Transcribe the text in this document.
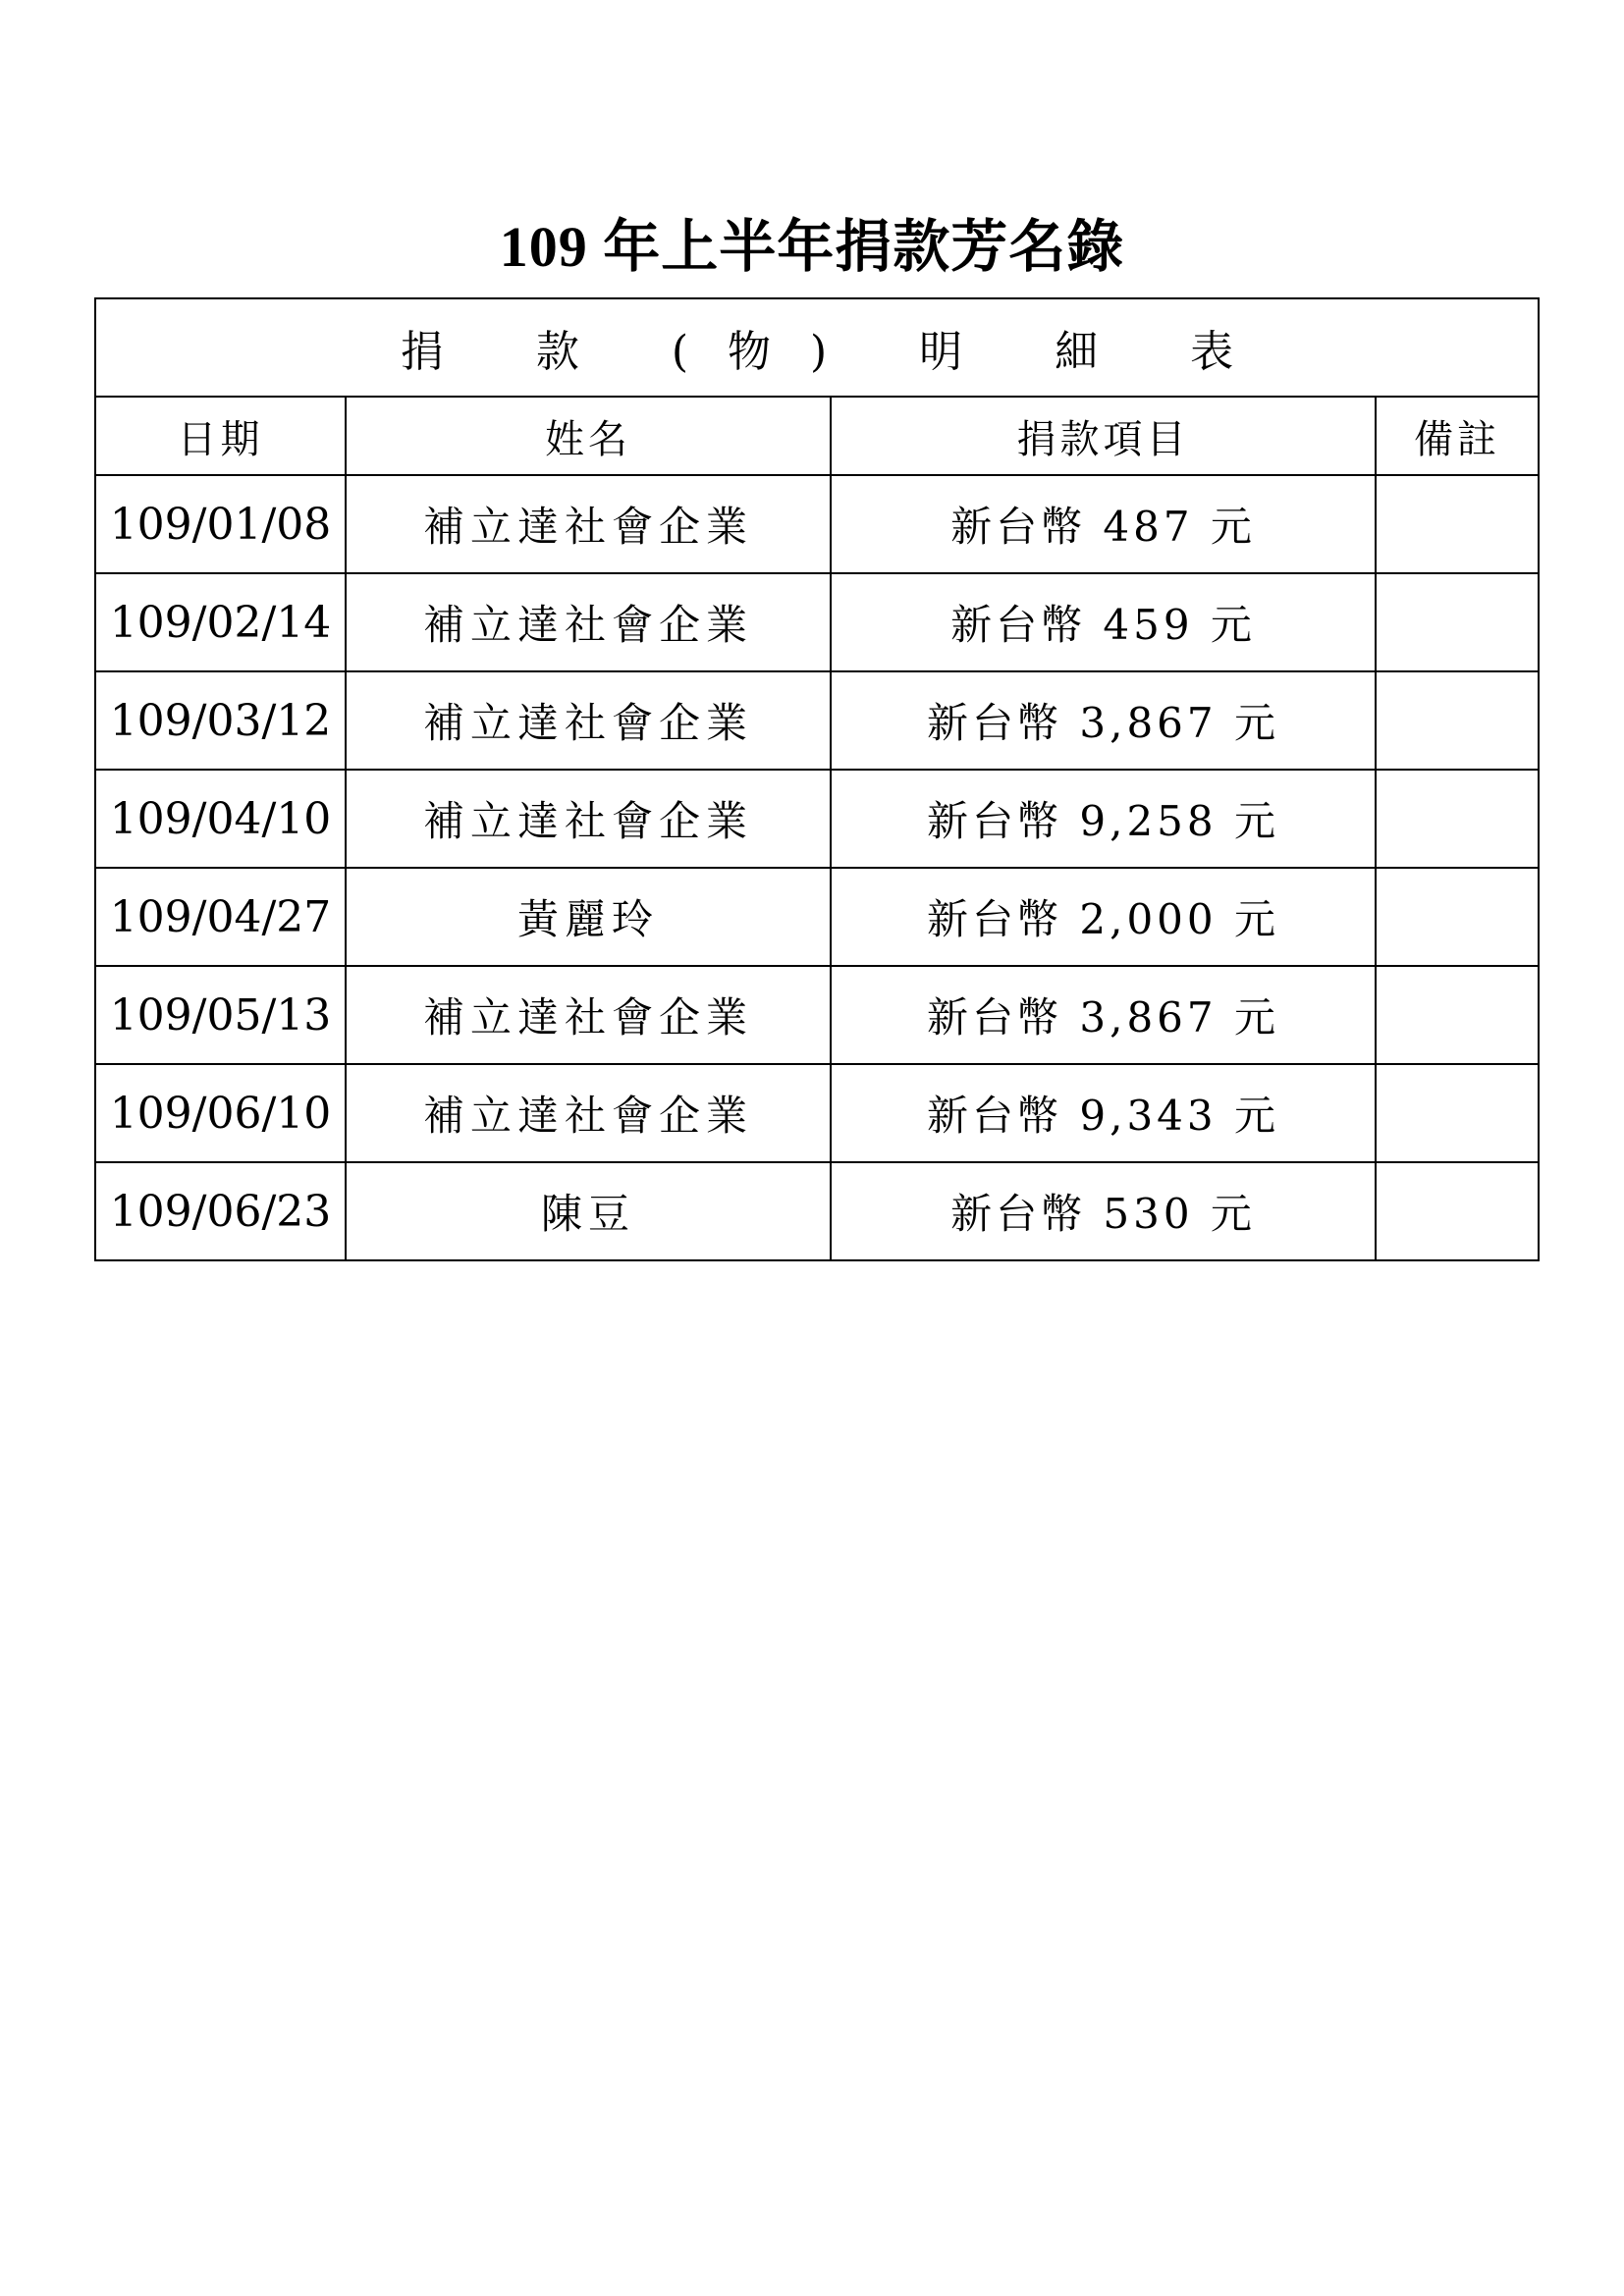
109 年上半年捐款芳名錄
捐 款 (物) 明 細 表			
日期	姓名	捐款項目	備註
109/01/08	補立達社會企業	新台幣 487 元	
109/02/14	補立達社會企業	新台幣 459 元	
109/03/12	補立達社會企業	新台幣 3,867 元	
109/04/10	補立達社會企業	新台幣 9,258 元	
109/04/27	黃麗玲	新台幣 2,000 元	
109/05/13	補立達社會企業	新台幣 3,867 元	
109/06/10	補立達社會企業	新台幣 9,343 元	
109/06/23	陳豆	新台幣 530 元	
